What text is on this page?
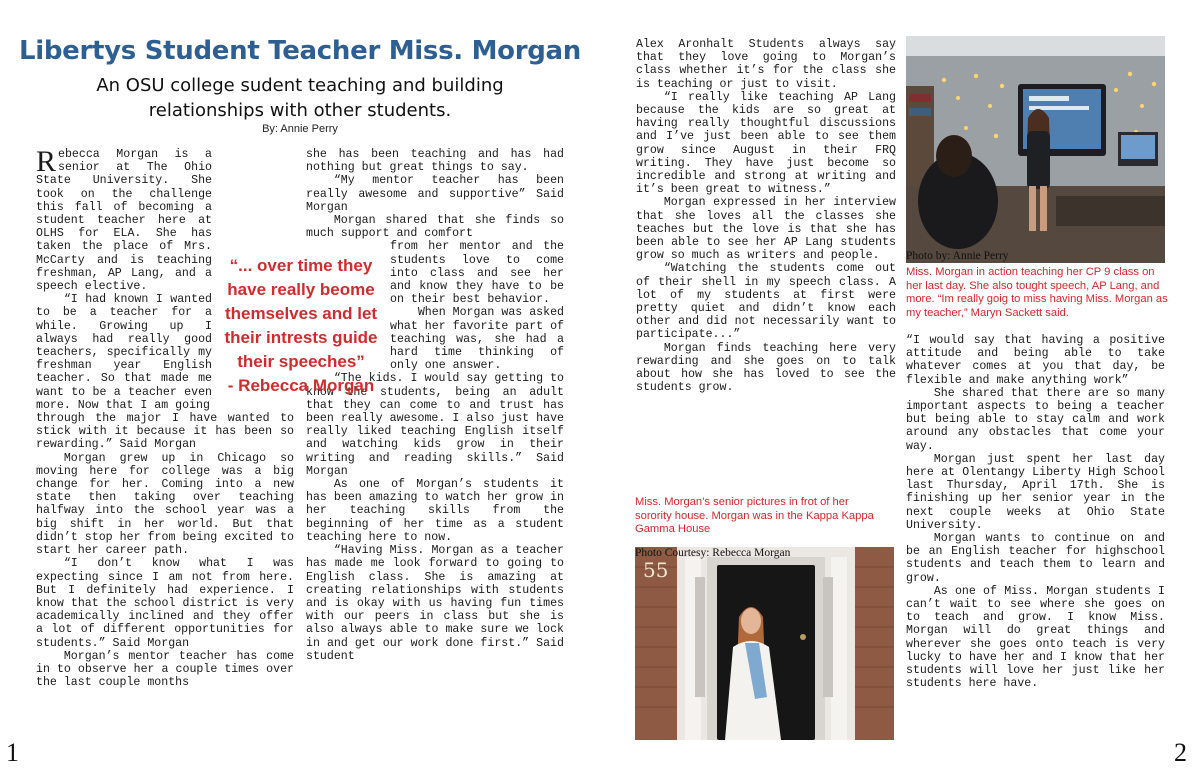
Libertys Student Teacher Miss. Morgan
An OSU college sudent teaching and building relationships with other students.
By: Annie Perry

Rebecca Morgan is a senior at The Ohio State University. She took on the challenge this fall of becoming a student teacher here at OLHS for ELA. She has taken the place of Mrs. McCarty and is teaching freshman, AP Lang, and a speech elective.

“I had known I wanted to be a teacher for a while. Growing up I always had really good teachers, specifically my freshman year English teacher. So that made me want to be a teacher even more. Now that I am going

through the major I have wanted to stick with it because it has been so rewarding.” Said Morgan

Morgan grew up in Chicago so moving here for college was a big change for her. Coming into a new state then taking over teaching halfway into the school year was a big shift in her world. But that didn’t stop her from being excited to start her career path.

“I don’t know what I was expecting since I am not from here. But I definitely had experience. I know that the school district is very academically inclined and they offer a lot of different opportunities for students.” Said Morgan

Morgan’s mentor teacher has come in to observe her a couple times over the last couple months

she has been teaching and has had nothing but great things to say.

“My mentor teacher has been really awesome and supportive” Said Morgan

Morgan shared that she finds so much support and comfort

from her mentor and the students love to come into class and see her and know they have to be on their best behavior.

When Morgan was asked what her favorite part of teaching was, she had a hard time thinking of only one answer.

“The kids. I would say getting to know the students, being an adult that they can come to and trust has been really awesome. I also just have really liked teaching English itself and watching kids grow in their writing and reading skills.” Said Morgan

As one of Morgan’s students it has been amazing to watch her grow in her teaching skills from the beginning of her time as a student teaching here to now.

“Having Miss. Morgan as a teacher has made me look forward to going to English class. She is amazing at creating relationships with students and is okay with us having fun times with our peers in class but she is also always able to make sure we lock in and get our work done first.” Said student

“... over time they
have really beome
themselves and let
their intrests guide
their speeches”
- Rebecca Morgan
1

Alex Aronhalt Students always say that they love going to Morgan’s class whether it’s for the class she is teaching or just to visit.

“I really like teaching AP Lang because the kids are so great at having really thoughtful discussions and I’ve just been able to see them grow since August in their FRQ writing. They have just become so incredible and strong at writing and it’s been great to witness.”

Morgan expressed in her interview that she loves all the classes she teaches but the love is that she has been able to see her AP Lang students grow so much as writers and people.

“Watching the students come out of their shell in my speech class. A lot of my students at first were pretty quiet and didn’t know each other and did not necessarily want to participate...”

Morgan finds teaching here very rewarding and she goes on to talk about how she has loved to see the students grow.

Photo by: Annie Perry
Miss. Morgan in action teaching her CP 9 class on her last day. She also tought speech, AP Lang, and more. “Im really goig to miss having Miss. Morgan as my teacher,” Maryn Sackett said.

“I would say that having a positive attitude and being able to take whatever comes at you that day, be flexible and make anything work”

She shared that there are so many important aspects to being a teacher but being able to stay calm and work around any obstacles that come your way.

Morgan just spent her last day here at Olentangy Liberty High School last Thursday, April 17th. She is finishing up her senior year in the next couple weeks at Ohio State University.

Morgan wants to continue on and be an English teacher for highschool students and teach them to learn and grow.

As one of Miss. Morgan students I can’t wait to see where she goes on to teach and grow. I know Miss. Morgan will do great things and wherever she goes onto teach is very lucky to have her and I know that her students will love her just like her students here have.

Miss. Morgan’s senior pictures in frot of her sorority house. Morgan was in the Kappa Kappa Gamma House
55
Photo Courtesy: Rebecca Morgan
2
